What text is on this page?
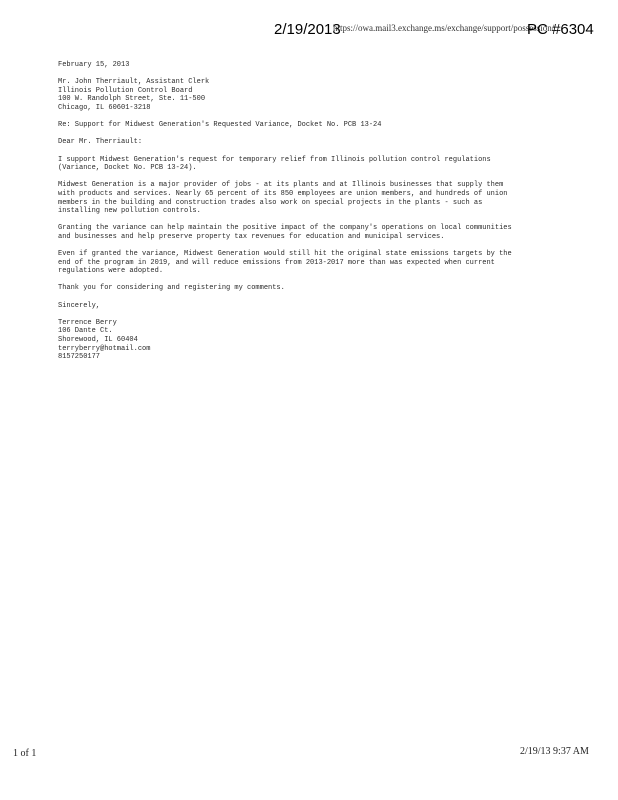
2/19/2013
https://owa.mail3.exchange.ms/exchange/support/possession/...
PC #6304
February 15, 2013
Mr. John Therriault, Assistant Clerk
Illinois Pollution Control Board
100 W. Randolph Street, Ste. 11-500
Chicago, IL 60601-3218
Re: Support for Midwest Generation's Requested Variance, Docket No. PCB 13-24
Dear Mr. Therriault:
I support Midwest Generation's request for temporary relief from Illinois pollution control regulations
(Variance, Docket No. PCB 13-24).
Midwest Generation is a major provider of jobs - at its plants and at Illinois businesses that supply them
with products and services. Nearly 65 percent of its 850 employees are union members, and hundreds of union
members in the building and construction trades also work on special projects in the plants - such as
installing new pollution controls.
Granting the variance can help maintain the positive impact of the company's operations on local communities
and businesses and help preserve property tax revenues for education and municipal services.
Even if granted the variance, Midwest Generation would still hit the original state emissions targets by the
end of the program in 2019, and will reduce emissions from 2013-2017 more than was expected when current
regulations were adopted.
Thank you for considering and registering my comments.
Sincerely,
Terrence Berry
106 Dante Ct.
Shorewood, IL 60404
terryberry@hotmail.com
8157250177
1 of 1	2/19/13 9:37 AM
